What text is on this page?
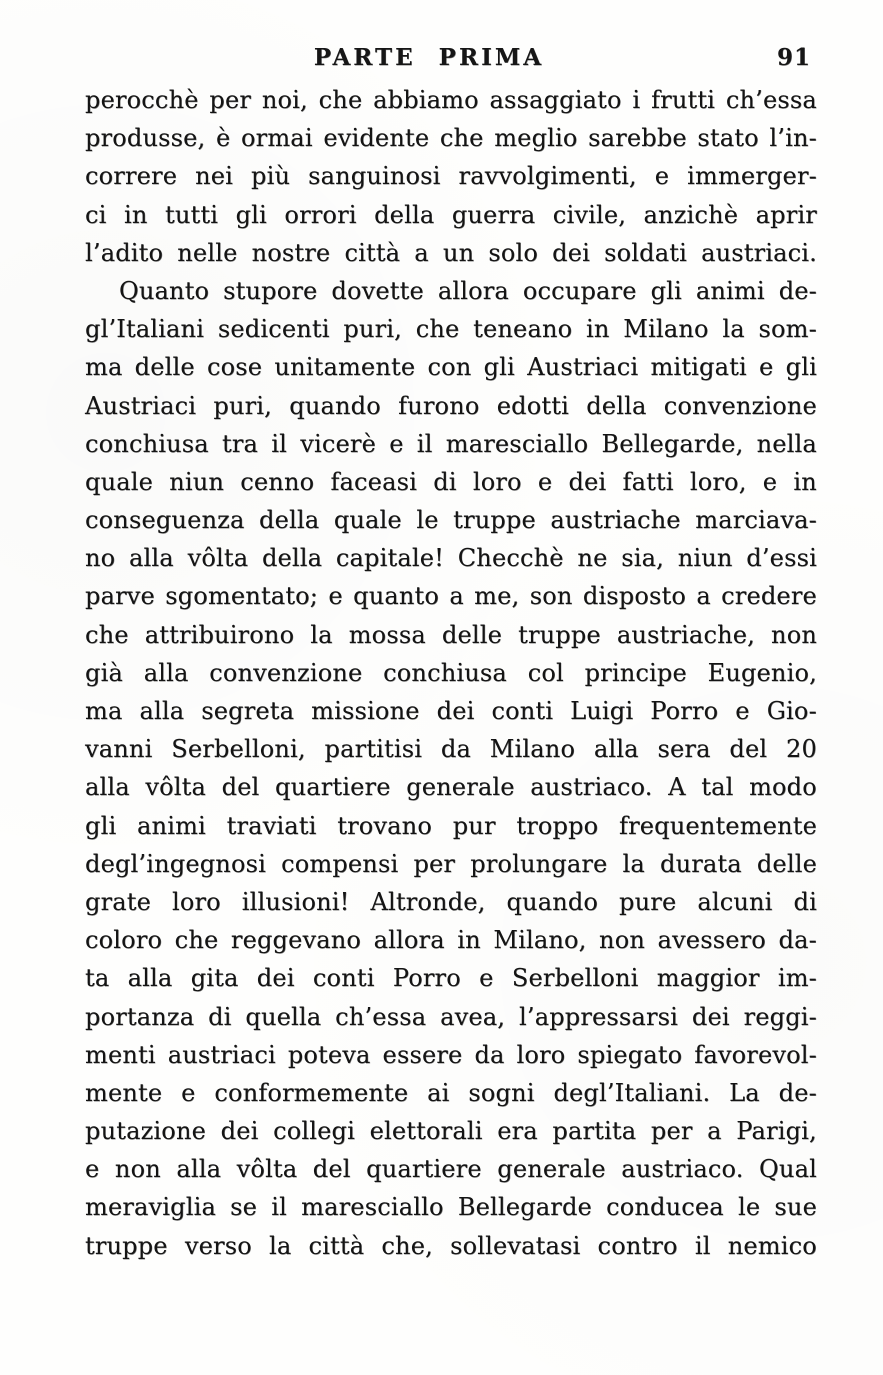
PARTE PRIMA	91
perocchè per noi, che abbiamo assaggiato i frutti ch’essa
produsse, è ormai evidente che meglio sarebbe stato l’in-
correre nei più sanguinosi ravvolgimenti, e immerger-
ci in tutti gli orrori della guerra civile, anzichè aprir
l’adito nelle nostre città a un solo dei soldati austriaci.
Quanto stupore dovette allora occupare gli animi de-
gl’Italiani sedicenti puri, che teneano in Milano la som-
ma delle cose unitamente con gli Austriaci mitigati e gli
Austriaci puri, quando furono edotti della convenzione
conchiusa tra il vicerè e il maresciallo Bellegarde, nella
quale niun cenno faceasi di loro e dei fatti loro, e in
conseguenza della quale le truppe austriache marciava-
no alla vôlta della capitale! Checchè ne sia, niun d’essi
parve sgomentato; e quanto a me, son disposto a credere
che attribuirono la mossa delle truppe austriache, non
già alla convenzione conchiusa col principe Eugenio,
ma alla segreta missione dei conti Luigi Porro e Gio-
vanni Serbelloni, partitisi da Milano alla sera del 20
alla vôlta del quartiere generale austriaco. A tal modo
gli animi traviati trovano pur troppo frequentemente
degl’ingegnosi compensi per prolungare la durata delle
grate loro illusioni! Altronde, quando pure alcuni di
coloro che reggevano allora in Milano, non avessero da-
ta alla gita dei conti Porro e Serbelloni maggior im-
portanza di quella ch’essa avea, l’appressarsi dei reggi-
menti austriaci poteva essere da loro spiegato favorevol-
mente e conformemente ai sogni degl’Italiani. La de-
putazione dei collegi elettorali era partita per a Parigi,
e non alla vôlta del quartiere generale austriaco. Qual
meraviglia se il maresciallo Bellegarde conducea le sue
truppe verso la città che, sollevatasi contro il nemico
